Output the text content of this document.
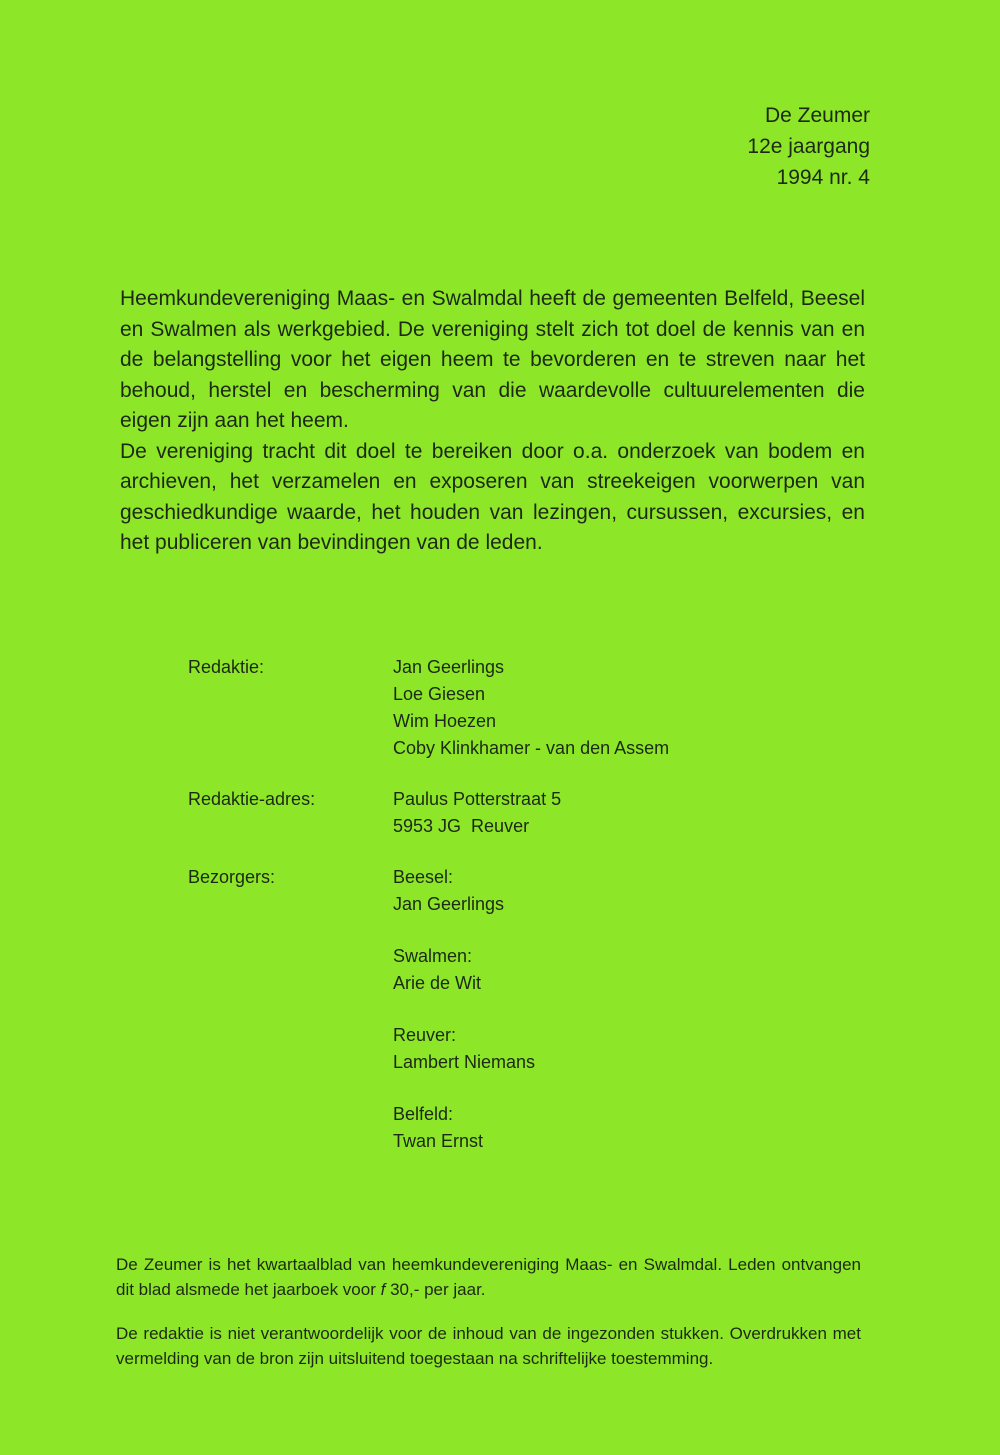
De Zeumer
12e jaargang
1994 nr. 4

Heemkundevereniging Maas- en Swalmdal heeft de gemeenten Belfeld, Beesel en Swalmen als werkgebied. De vereniging stelt zich tot doel de kennis van en de belangstelling voor het eigen heem te bevorderen en te streven naar het behoud, herstel en bescherming van die waardevolle cultuurelementen die eigen zijn aan het heem.

De vereniging tracht dit doel te bereiken door o.a. onderzoek van bodem en archieven, het verzamelen en exposeren van streekeigen voorwerpen van geschiedkundige waarde, het houden van lezingen, cursussen, excursies, en het publiceren van bevindingen van de leden.

Redaktie:	Jan Geerlings
Loe Giesen
Wim Hoezen
Coby Klinkhamer - van den Assem
Redaktie-adres:	Paulus Potterstraat 5
5953 JG  Reuver
Bezorgers:	Beesel:
Jan Geerlings
Swalmen:
Arie de Wit
Reuver:
Lambert Niemans
Belfeld:
Twan Ernst

De Zeumer is het kwartaalblad van heemkundevereniging Maas- en Swalmdal. Leden ontvangen dit blad alsmede het jaarboek voor f 30,- per jaar.

De redaktie is niet verantwoordelijk voor de inhoud van de ingezonden stukken. Overdrukken met vermelding van de bron zijn uitsluitend toegestaan na schriftelijke toestemming.
